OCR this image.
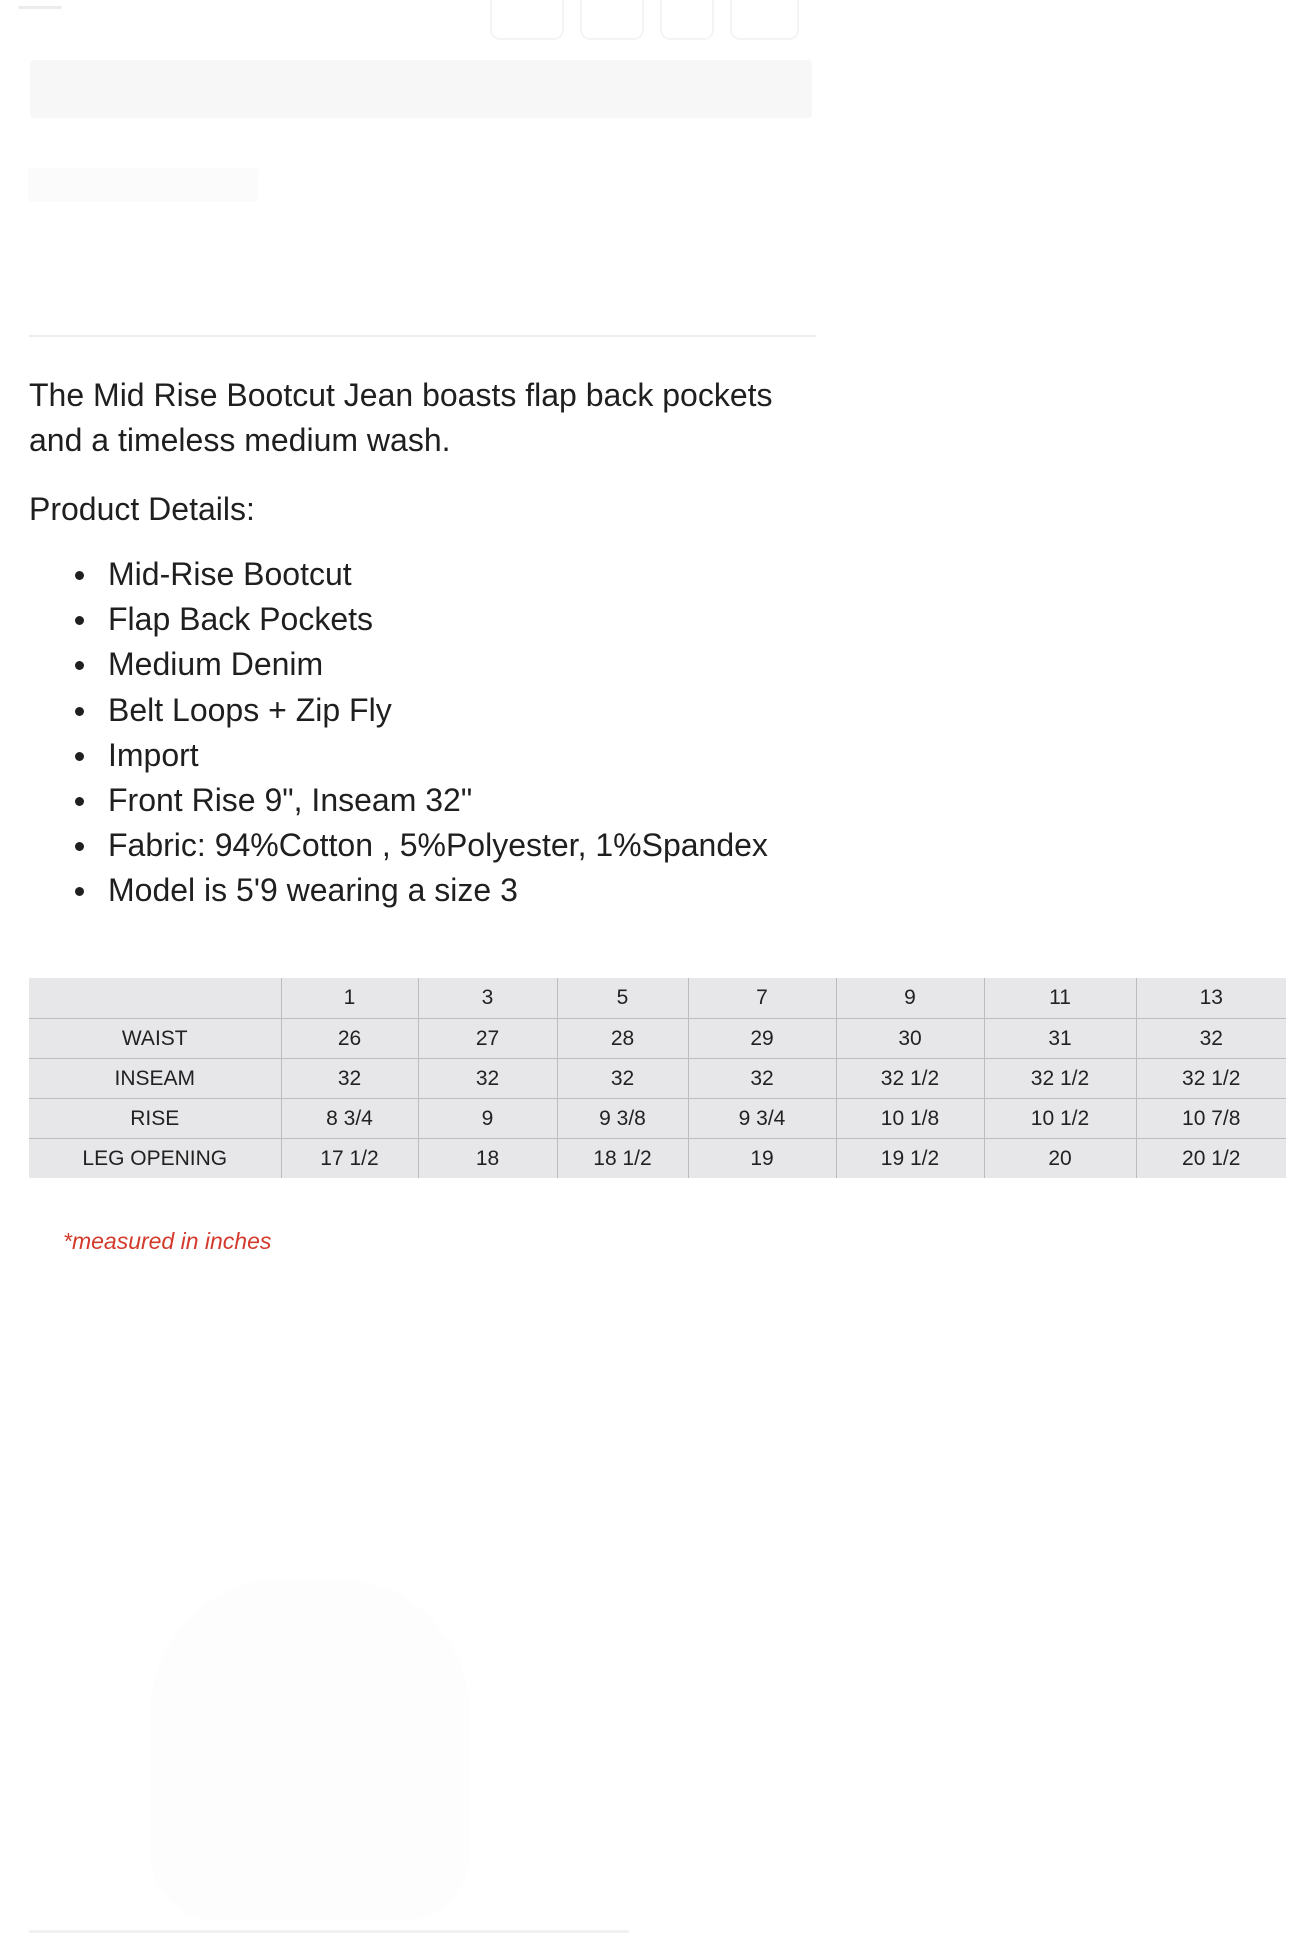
The Mid Rise Bootcut Jean boasts flap back pockets and a timeless medium wash.

Product Details:
Mid-Rise Bootcut
Flap Back Pockets
Medium Denim
Belt Loops + Zip Fly
Import
Front Rise 9", Inseam 32"
Fabric: 94%Cotton , 5%Polyester, 1%Spandex
Model is 5'9 wearing a size 3
	1	3	5	7	9	11	13
WAIST	26	27	28	29	30	31	32
INSEAM	32	32	32	32	32 1/2	32 1/2	32 1/2
RISE	8 3/4	9	9 3/8	9 3/4	10 1/8	10 1/2	10 7/8
LEG OPENING	17 1/2	18	18 1/2	19	19 1/2	20	20 1/2

*measured in inches
